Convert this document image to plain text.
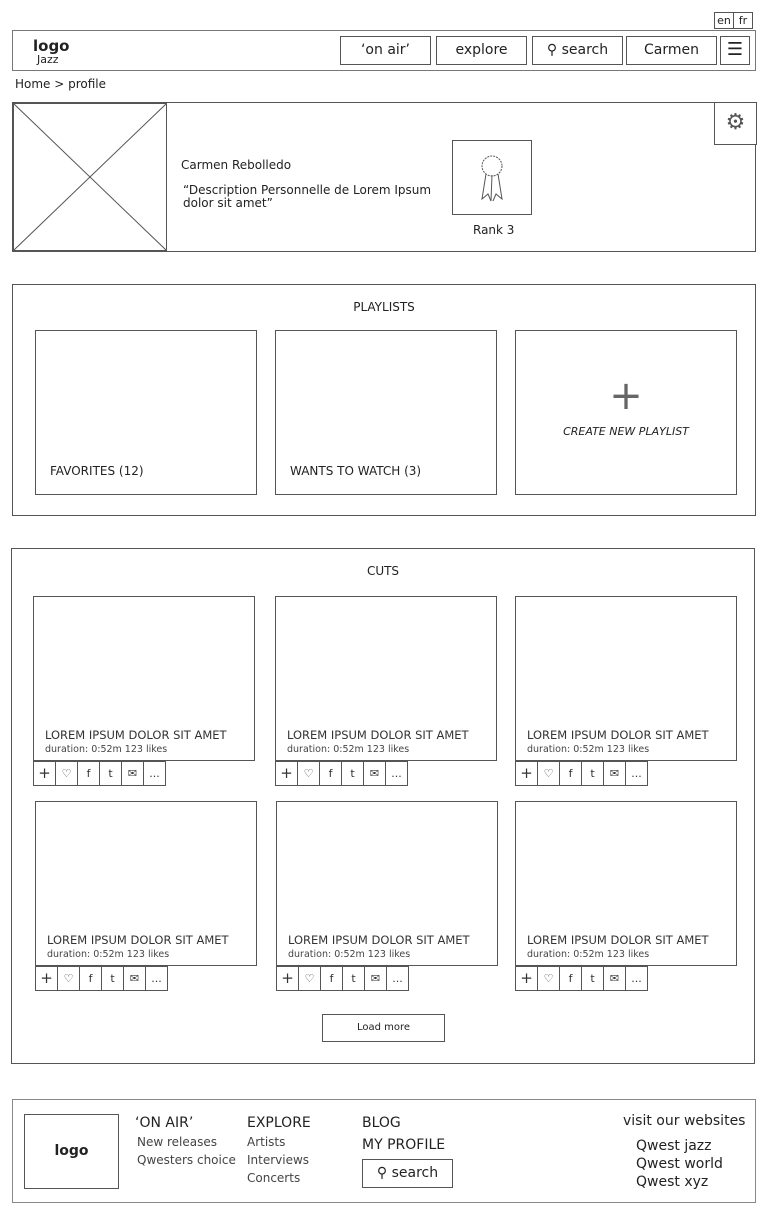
en fr
logo
Jazz
‘on air’	explore	⚲ search	Carmen	☰
Home > profile
Carmen Rebolledo
“Description Personnelle de Lorem Ipsum dolor sit amet”
Rank 3
⚙
PLAYLISTS
FAVORITES (12)	WANTS TO WATCH (3)
+
CREATE NEW PLAYLIST
CUTS
LOREM IPSUM DOLOR SIT AMET
duration: 0:52m 123 likes
+ ♡	f	t	✉	...
LOREM IPSUM DOLOR SIT AMET
duration: 0:52m 123 likes
+ ♡	f	t	✉	...
LOREM IPSUM DOLOR SIT AMET
duration: 0:52m 123 likes
+ ♡	f	t	✉	...
LOREM IPSUM DOLOR SIT AMET
duration: 0:52m 123 likes
+ ♡	f	t	✉	...
LOREM IPSUM DOLOR SIT AMET
duration: 0:52m 123 likes
+ ♡	f	t	✉	...
LOREM IPSUM DOLOR SIT AMET
duration: 0:52m 123 likes
+ ♡	f	t	✉	...
Load more
logo
‘ON AIR’
New releases
Qwesters choice
EXPLORE
Artists
Interviews
Concerts
BLOG
MY PROFILE
⚲ search
visit our websites
Qwest jazz
Qwest world
Qwest xyz
